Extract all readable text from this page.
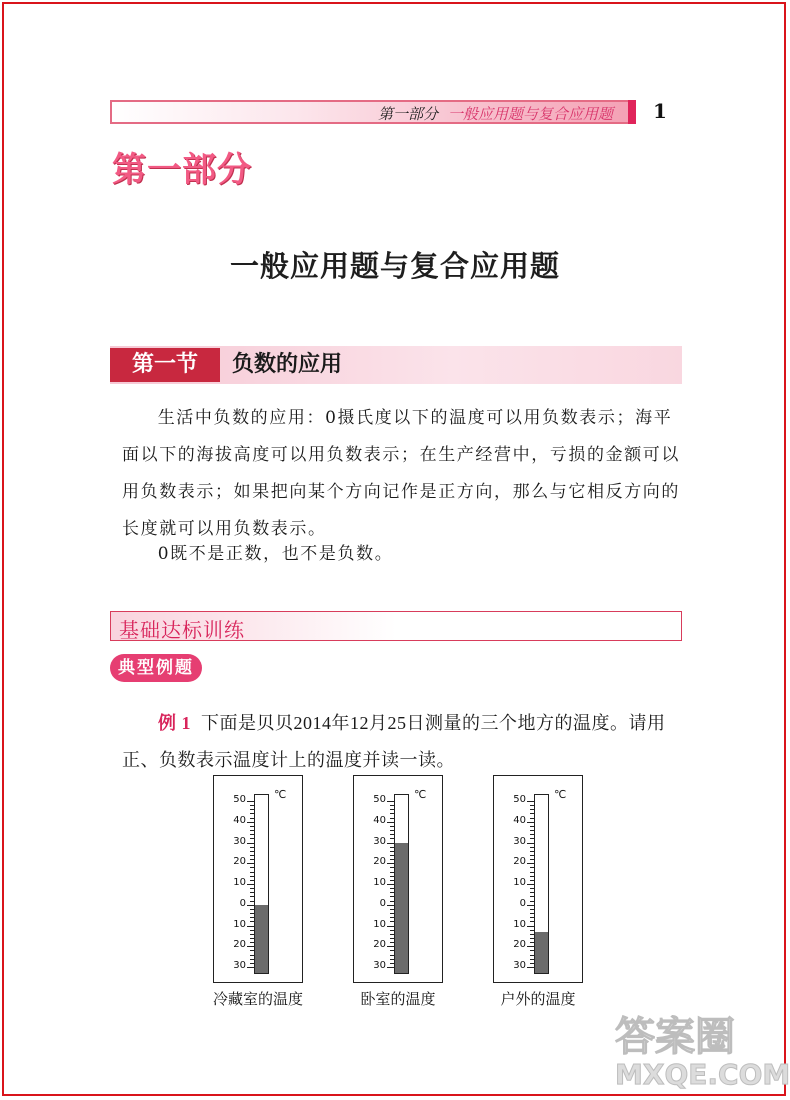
第一部分 一般应用题与复合应用题 1
第一部分
一般应用题与复合应用题
第一节	负数的应用

生活中负数的应用：0摄氏度以下的温度可以用负数表示；海平面以下的海拔高度可以用负数表示；在生产经营中，亏损的金额可以用负数表示；如果把向某个方向记作是正方向，那么与它相反方向的长度就可以用负数表示。

0既不是正数，也不是负数。

基础达标训练
典型例题

例 1 下面是贝贝2014年12月25日测量的三个地方的温度。请用正、负数表示温度计上的温度并读一读。

℃
50
40
30
20
10
0
10
20
30
冷藏室的温度
℃
50
40
30
20
10
0
10
20
30
卧室的温度
℃
50
40
30
20
10
0
10
20
30
户外的温度
答案圈
MXQE.COM
